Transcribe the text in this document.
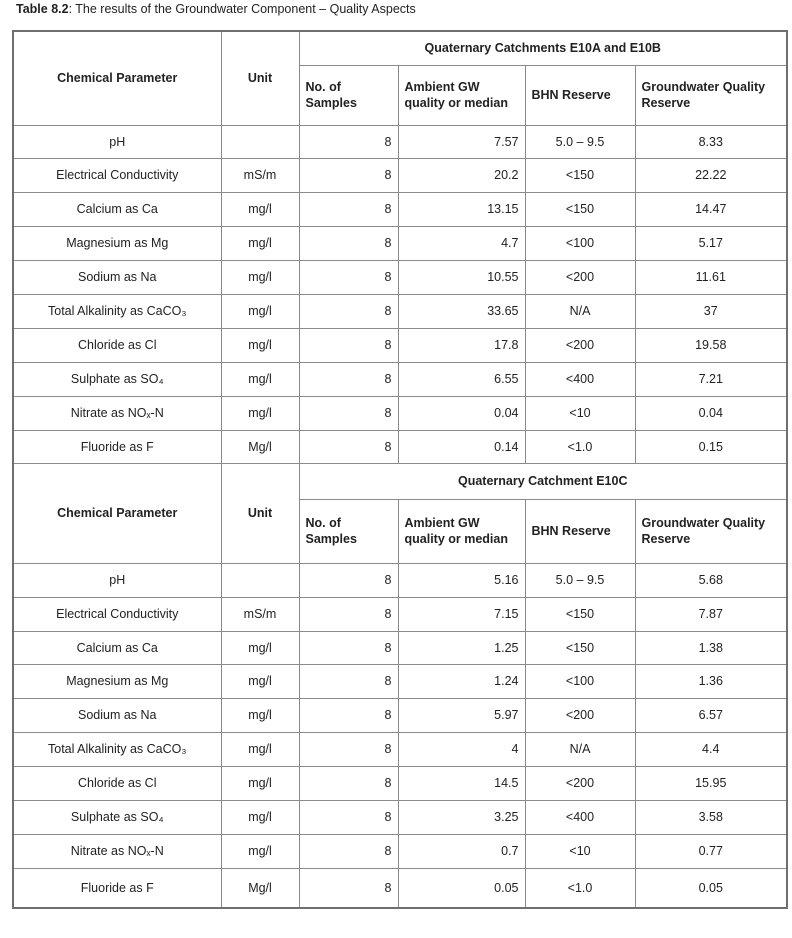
Table 8.2: The results of the Groundwater Component – Quality Aspects
Chemical Parameter	Unit	Quaternary Catchments E10A and E10B			
		No. of Samples	Ambient GW quality or median	BHN Reserve	Groundwater Quality Reserve
pH		8	7.57	5.0 – 9.5	8.33
Electrical Conductivity	mS/m	8	20.2	<150	22.22
Calcium as Ca	mg/l	8	13.15	<150	14.47
Magnesium as Mg	mg/l	8	4.7	<100	5.17
Sodium as Na	mg/l	8	10.55	<200	11.61
Total Alkalinity as CaCO₃	mg/l	8	33.65	N/A	37
Chloride as Cl	mg/l	8	17.8	<200	19.58
Sulphate as SO₄	mg/l	8	6.55	<400	7.21
Nitrate as NOₓ-N	mg/l	8	0.04	<10	0.04
Fluoride as F	Mg/l	8	0.14	<1.0	0.15
Chemical Parameter	Unit	Quaternary Catchment E10C			
		No. of Samples	Ambient GW quality or median	BHN Reserve	Groundwater Quality Reserve
pH		8	5.16	5.0 – 9.5	5.68
Electrical Conductivity	mS/m	8	7.15	<150	7.87
Calcium as Ca	mg/l	8	1.25	<150	1.38
Magnesium as Mg	mg/l	8	1.24	<100	1.36
Sodium as Na	mg/l	8	5.97	<200	6.57
Total Alkalinity as CaCO₃	mg/l	8	4	N/A	4.4
Chloride as Cl	mg/l	8	14.5	<200	15.95
Sulphate as SO₄	mg/l	8	3.25	<400	3.58
Nitrate as NOₓ-N	mg/l	8	0.7	<10	0.77
Fluoride as F	Mg/l	8	0.05	<1.0	0.05
